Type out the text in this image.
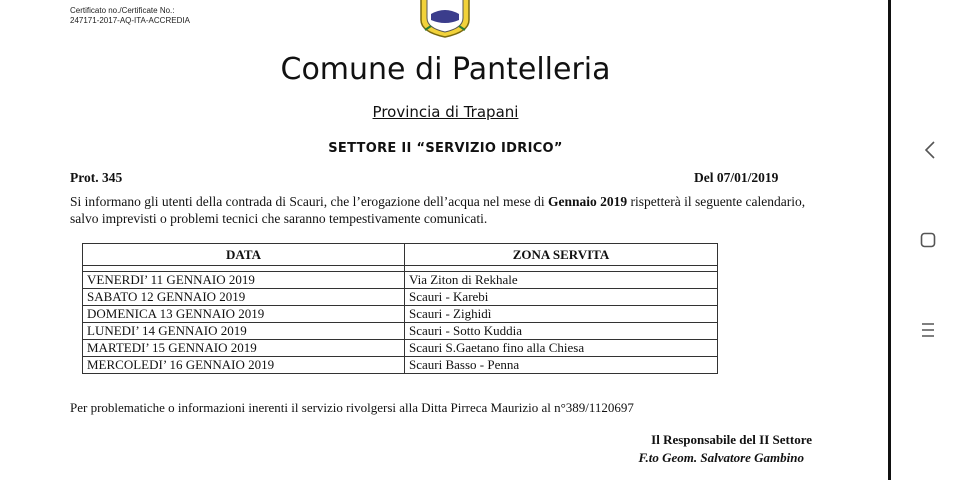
Certificato no./Certificate No.:
247171-2017-AQ-ITA-ACCREDIA
Comune di Pantelleria
Provincia di Trapani
SETTORE II “SERVIZIO IDRICO”
Prot. 345	Del 07/01/2019
Si informano gli utenti della contrada di Scauri, che l’erogazione dell’acqua nel mese di Gennaio 2019 rispetterà il seguente calendario, salvo imprevisti o problemi tecnici che saranno tempestivamente comunicati.
DATA	ZONA SERVITA

VENERDI’ 11 GENNAIO 2019	Via Ziton di Rekhale
SABATO 12 GENNAIO 2019	Scauri - Karebi
DOMENICA 13 GENNAIO 2019	Scauri - Zighidì
LUNEDI’ 14 GENNAIO 2019	Scauri - Sotto Kuddia
MARTEDI’ 15 GENNAIO 2019	Scauri S.Gaetano fino alla Chiesa
MERCOLEDI’ 16 GENNAIO 2019	Scauri Basso - Penna
Per problematiche o informazioni inerenti il servizio rivolgersi alla Ditta Pirreca Maurizio al n°389/1120697
Il Responsabile del II Settore
F.to Geom. Salvatore Gambino
